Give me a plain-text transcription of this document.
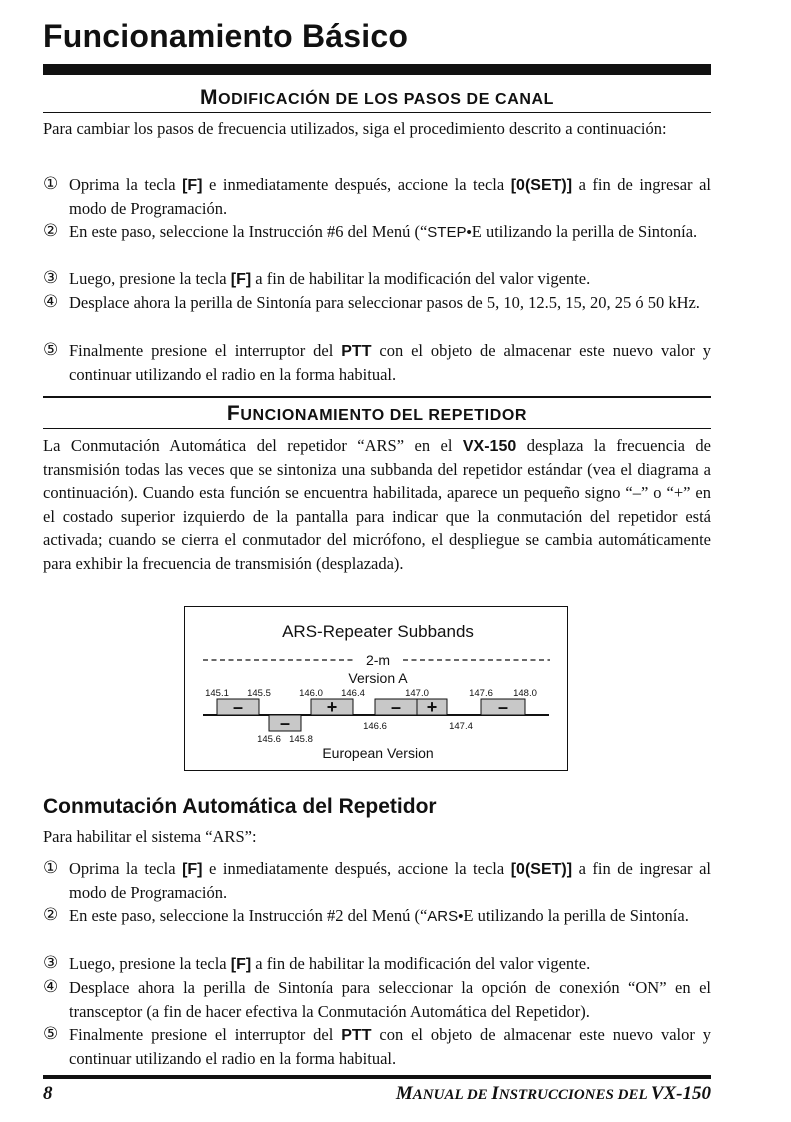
Funcionamiento Básico
MODIFICACIÓN DE LOS PASOS DE CANAL
Para cambiar los pasos de frecuencia utilizados, siga el procedimiento descrito a continuación:
① Oprima la tecla [F] e inmediatamente después, accione la tecla [0(SET)] a fin de ingresar al modo de Programación.
② En este paso, seleccione la Instrucción #6 del Menú (“STEP•E utilizando la perilla de Sintonía.
③ Luego, presione la tecla [F] a fin de habilitar la modificación del valor vigente.
④ Desplace ahora la perilla de Sintonía para seleccionar pasos de 5, 10, 12.5, 15, 20, 25 ó 50 kHz.
⑤ Finalmente presione el interruptor del PTT con el objeto de almacenar este nuevo valor y continuar utilizando el radio en la forma habitual.
FUNCIONAMIENTO DEL REPETIDOR
La Conmutación Automática del repetidor “ARS” en el VX-150 desplaza la frecuencia de transmisión todas las veces que se sintoniza una subbanda del repetidor estándar (vea el diagrama a continuación). Cuando esta función se encuentra habilitada, aparece un pequeño signo “–” o “+” en el costado superior izquierdo de la pantalla para indicar que la conmutación del repetidor está activada; cuando se cierra el conmutador del micrófono, el despliegue se cambia automáticamente para exhibir la frecuencia de transmisión (desplazada).
ARS-Repeater Subbands
2-m
Version A
145.1 145.5	146.0 146.4	147.0	147.6 148.0
–	+	– +	–
–
145.6 145.8
146.6	147.4
European Version
Conmutación Automática del Repetidor
Para habilitar el sistema “ARS”:
① Oprima la tecla [F] e inmediatamente después, accione la tecla [0(SET)] a fin de ingresar al modo de Programación.
② En este paso, seleccione la Instrucción #2 del Menú (“ARS•E utilizando la perilla de Sintonía.
③ Luego, presione la tecla [F] a fin de habilitar la modificación del valor vigente.
④ Desplace ahora la perilla de Sintonía para seleccionar la opción de conexión “ON” en el transceptor (a fin de hacer efectiva la Conmutación Automática del Repetidor).
⑤ Finalmente presione el interruptor del PTT con el objeto de almacenar este nuevo valor y continuar utilizando el radio en la forma habitual.
8	MANUAL DE INSTRUCCIONES DEL VX-150
